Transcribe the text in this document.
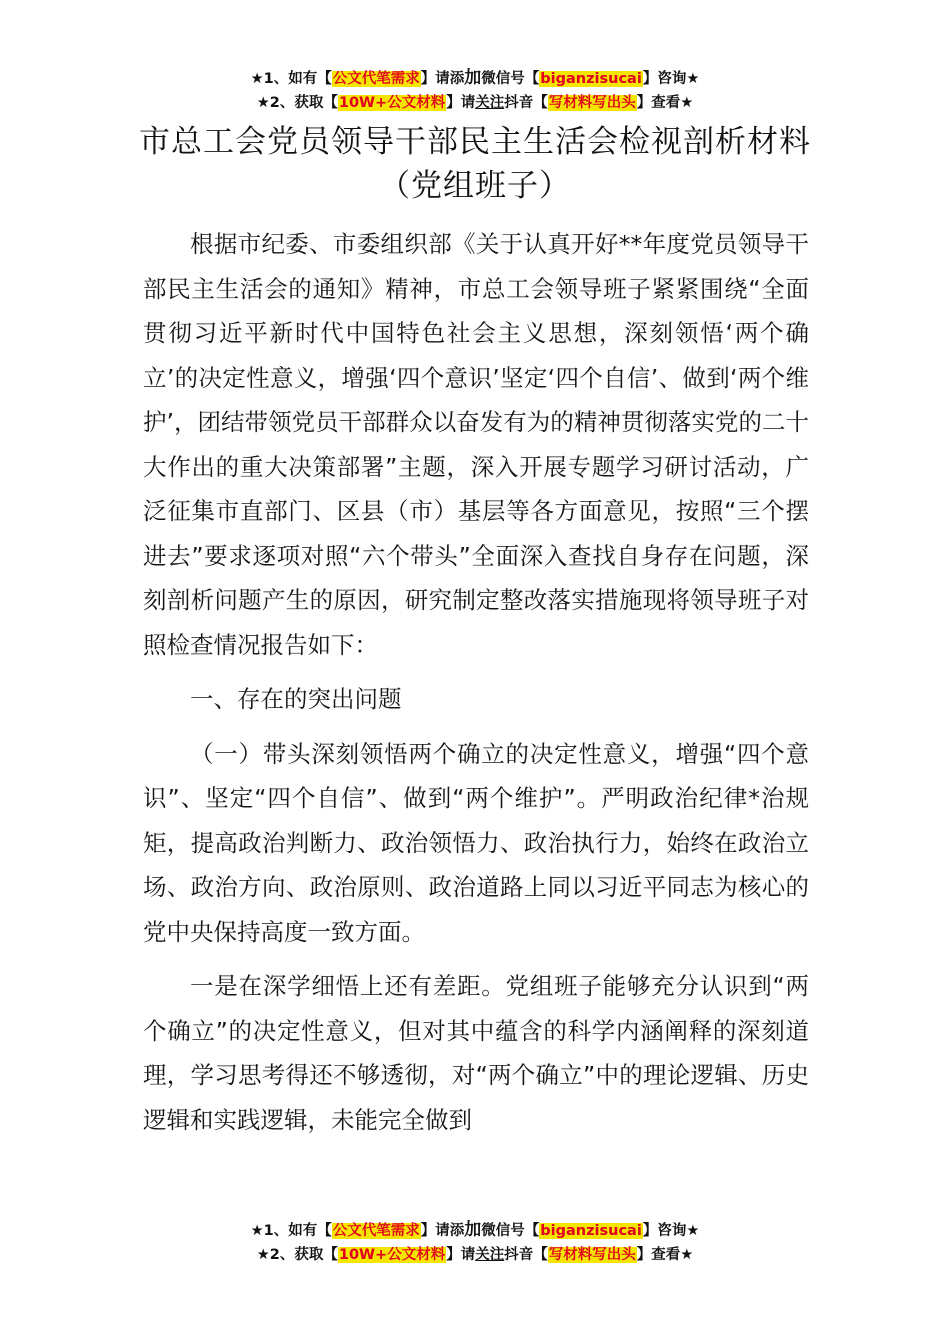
★1、如有【公文代笔需求】请添加微信号【biganzisucai】咨询★
★2、获取【10W+公文材料】请关注抖音【写材料写出头】查看★
市总工会党员领导干部民主生活会检视剖析材料（党组班子）

根据市纪委、市委组织部《关于认真开好**年度党员领导干部民主生活会的通知》精神，市总工会领导班子紧紧围绕“全面贯彻习近平新时代中国特色社会主义思想，深刻领悟‘两个确立’的决定性意义，增强‘四个意识’坚定‘四个自信’、做到‘两个维护’，团结带领党员干部群众以奋发有为的精神贯彻落实党的二十大作出的重大决策部署”主题，深入开展专题学习研讨活动，广泛征集市直部门、区县（市）基层等各方面意见，按照“三个摆进去”要求逐项对照“六个带头”全面深入查找自身存在问题，深刻剖析问题产生的原因，研究制定整改落实措施现将领导班子对照检查情况报告如下：

一、存在的突出问题

（一）带头深刻领悟两个确立的决定性意义，增强“四个意识”、坚定“四个自信”、做到“两个维护”。严明政治纪律*治规矩，提高政治判断力、政治领悟力、政治执行力，始终在政治立场、政治方向、政治原则、政治道路上同以习近平同志为核心的党中央保持高度一致方面。

一是在深学细悟上还有差距。党组班子能够充分认识到“两个确立”的决定性意义，但对其中蕴含的科学内涵阐释的深刻道理，学习思考得还不够透彻，对“两个确立”中的理论逻辑、历史逻辑和实践逻辑，未能完全做到

★1、如有【公文代笔需求】请添加微信号【biganzisucai】咨询★
★2、获取【10W+公文材料】请关注抖音【写材料写出头】查看★
